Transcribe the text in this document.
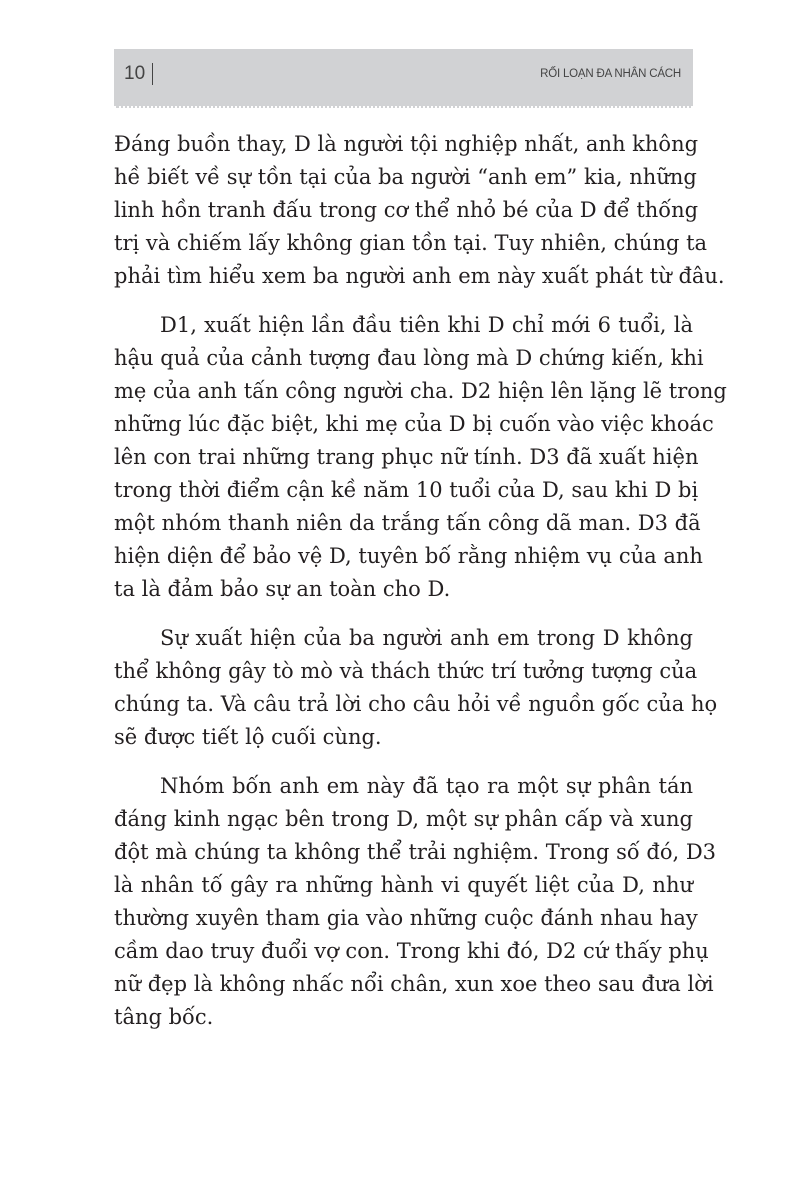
10	RỐI LOẠN ĐA NHÂN CÁCH
Đáng buồn thay, D là người tội nghiệp nhất, anh không
hề biết về sự tồn tại của ba người “anh em” kia, những
linh hồn tranh đấu trong cơ thể nhỏ bé của D để thống
trị và chiếm lấy không gian tồn tại. Tuy nhiên, chúng ta
phải tìm hiểu xem ba người anh em này xuất phát từ đâu.
D1, xuất hiện lần đầu tiên khi D chỉ mới 6 tuổi, là
hậu quả của cảnh tượng đau lòng mà D chứng kiến, khi
mẹ của anh tấn công người cha. D2 hiện lên lặng lẽ trong
những lúc đặc biệt, khi mẹ của D bị cuốn vào việc khoác
lên con trai những trang phục nữ tính. D3 đã xuất hiện
trong thời điểm cận kề năm 10 tuổi của D, sau khi D bị
một nhóm thanh niên da trắng tấn công dã man. D3 đã
hiện diện để bảo vệ D, tuyên bố rằng nhiệm vụ của anh
ta là đảm bảo sự an toàn cho D.
Sự xuất hiện của ba người anh em trong D không
thể không gây tò mò và thách thức trí tưởng tượng của
chúng ta. Và câu trả lời cho câu hỏi về nguồn gốc của họ
sẽ được tiết lộ cuối cùng.
Nhóm bốn anh em này đã tạo ra một sự phân tán
đáng kinh ngạc bên trong D, một sự phân cấp và xung
đột mà chúng ta không thể trải nghiệm. Trong số đó, D3
là nhân tố gây ra những hành vi quyết liệt của D, như
thường xuyên tham gia vào những cuộc đánh nhau hay
cầm dao truy đuổi vợ con. Trong khi đó, D2 cứ thấy phụ
nữ đẹp là không nhấc nổi chân, xun xoe theo sau đưa lời
tâng bốc.
